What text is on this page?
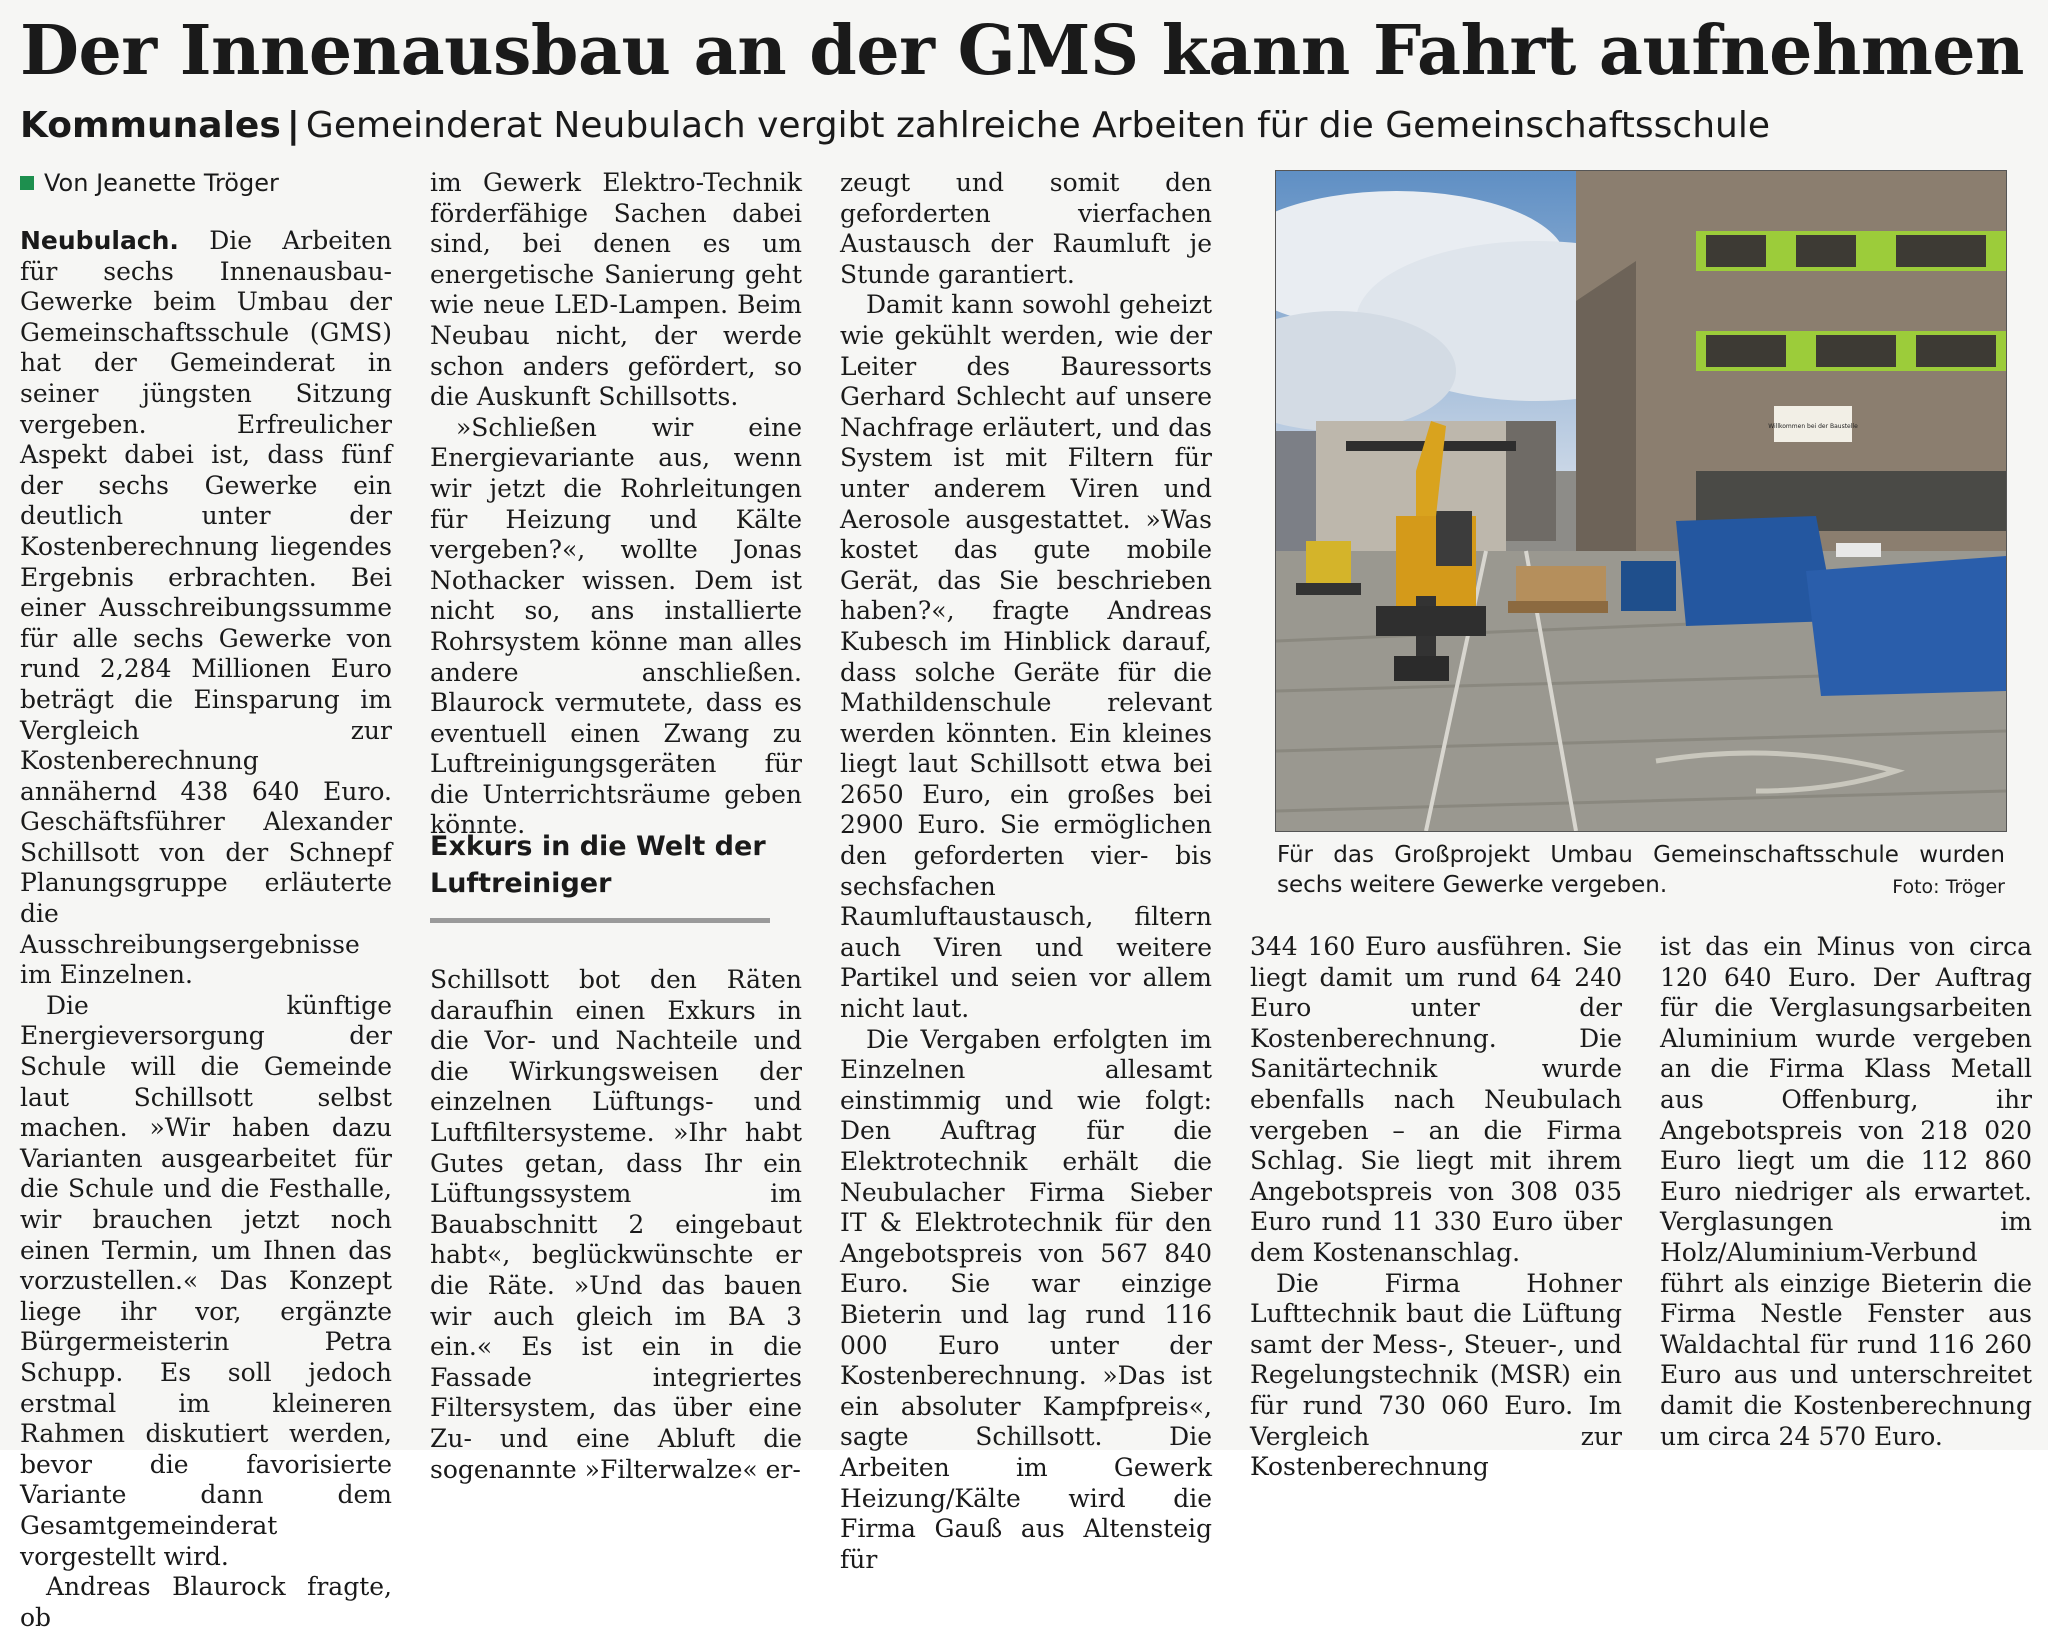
Der Innenausbau an der GMS kann Fahrt aufnehmen
Kommunales | Gemeinderat Neubulach vergibt zahlreiche Arbeiten für die Gemeinschaftsschule
Von Jeanette Tröger

Neubulach. Die Arbeiten für sechs Innenausbau-Gewerke beim Umbau der Gemeinschaftsschule (GMS) hat der Gemeinderat in seiner jüngsten Sitzung vergeben. Erfreulicher Aspekt dabei ist, dass fünf der sechs Gewerke ein deutlich unter der Kostenberechnung liegendes Ergebnis erbrachten. Bei einer Ausschreibungssumme für alle sechs Gewerke von rund 2,284 Millionen Euro beträgt die Einsparung im Vergleich zur Kostenberechnung annähernd 438 640 Euro. Geschäftsführer Alexander Schillsott von der Schnepf Planungsgruppe erläuterte die Ausschreibungsergebnisse im Einzelnen.

Die künftige Energieversorgung der Schule will die Gemeinde laut Schillsott selbst machen. »Wir haben dazu Varianten ausgearbeitet für die Schule und die Festhalle, wir brauchen jetzt noch einen Termin, um Ihnen das vorzustellen.« Das Konzept liege ihr vor, ergänzte Bürgermeisterin Petra Schupp. Es soll jedoch erstmal im kleineren Rahmen diskutiert werden, bevor die favorisierte Variante dann dem Gesamtgemeinderat vorgestellt wird.

Andreas Blaurock fragte, ob

im Gewerk Elektro-Technik förderfähige Sachen dabei sind, bei denen es um energetische Sanierung geht wie neue LED-Lampen. Beim Neubau nicht, der werde schon anders gefördert, so die Auskunft Schillsotts.

»Schließen wir eine Energievariante aus, wenn wir jetzt die Rohrleitungen für Heizung und Kälte vergeben?«, wollte Jonas Nothacker wissen. Dem ist nicht so, ans installierte Rohrsystem könne man alles andere anschließen. Blaurock vermutete, dass es eventuell einen Zwang zu Luftreinigungsgeräten für die Unterrichtsräume geben könnte.

Exkurs in die Welt der Luftreiniger

Schillsott bot den Räten daraufhin einen Exkurs in die Vor- und Nachteile und die Wirkungsweisen der einzelnen Lüftungs- und Luftfiltersysteme. »Ihr habt Gutes getan, dass Ihr ein Lüftungssystem im Bauabschnitt 2 eingebaut habt«, beglückwünschte er die Räte. »Und das bauen wir auch gleich im BA 3 ein.« Es ist ein in die Fassade integriertes Filtersystem, das über eine Zu- und eine Abluft die sogenannte »Filterwalze« er-

zeugt und somit den geforderten vierfachen Austausch der Raumluft je Stunde garantiert.

Damit kann sowohl geheizt wie gekühlt werden, wie der Leiter des Bauressorts Gerhard Schlecht auf unsere Nachfrage erläutert, und das System ist mit Filtern für unter anderem Viren und Aerosole ausgestattet. »Was kostet das gute mobile Gerät, das Sie beschrieben haben?«, fragte Andreas Kubesch im Hinblick darauf, dass solche Geräte für die Mathildenschule relevant werden könnten. Ein kleines liegt laut Schillsott etwa bei 2650 Euro, ein großes bei 2900 Euro. Sie ermöglichen den geforderten vier- bis sechsfachen Raumluftaustausch, filtern auch Viren und weitere Partikel und seien vor allem nicht laut.

Die Vergaben erfolgten im Einzelnen allesamt einstimmig und wie folgt: Den Auftrag für die Elektrotechnik erhält die Neubulacher Firma Sieber IT & Elektrotechnik für den Angebotspreis von 567 840 Euro. Sie war einzige Bieterin und lag rund 116 000 Euro unter der Kostenberechnung. »Das ist ein absoluter Kampfpreis«, sagte Schillsott. Die Arbeiten im Gewerk Heizung/Kälte wird die Firma Gauß aus Altensteig für

Willkommen bei der Baustelle
Für das Großprojekt Umbau Gemeinschaftsschule wurden sechs weitere Gewerke vergeben.	Foto: Tröger

344 160 Euro ausführen. Sie liegt damit um rund 64 240 Euro unter der Kostenberechnung. Die Sanitärtechnik wurde ebenfalls nach Neubulach vergeben – an die Firma Schlag. Sie liegt mit ihrem Angebotspreis von 308 035 Euro rund 11 330 Euro über dem Kostenanschlag.

Die Firma Hohner Lufttechnik baut die Lüftung samt der Mess-, Steuer-, und Regelungstechnik (MSR) ein für rund 730 060 Euro. Im Vergleich zur Kostenberechnung

ist das ein Minus von circa 120 640 Euro. Der Auftrag für die Verglasungsarbeiten Aluminium wurde vergeben an die Firma Klass Metall aus Offenburg, ihr Angebotspreis von 218 020 Euro liegt um die 112 860 Euro niedriger als erwartet. Verglasungen im Holz/Aluminium-Verbund führt als einzige Bieterin die Firma Nestle Fenster aus Waldachtal für rund 116 260 Euro aus und unterschreitet damit die Kostenberechnung um circa 24 570 Euro.
